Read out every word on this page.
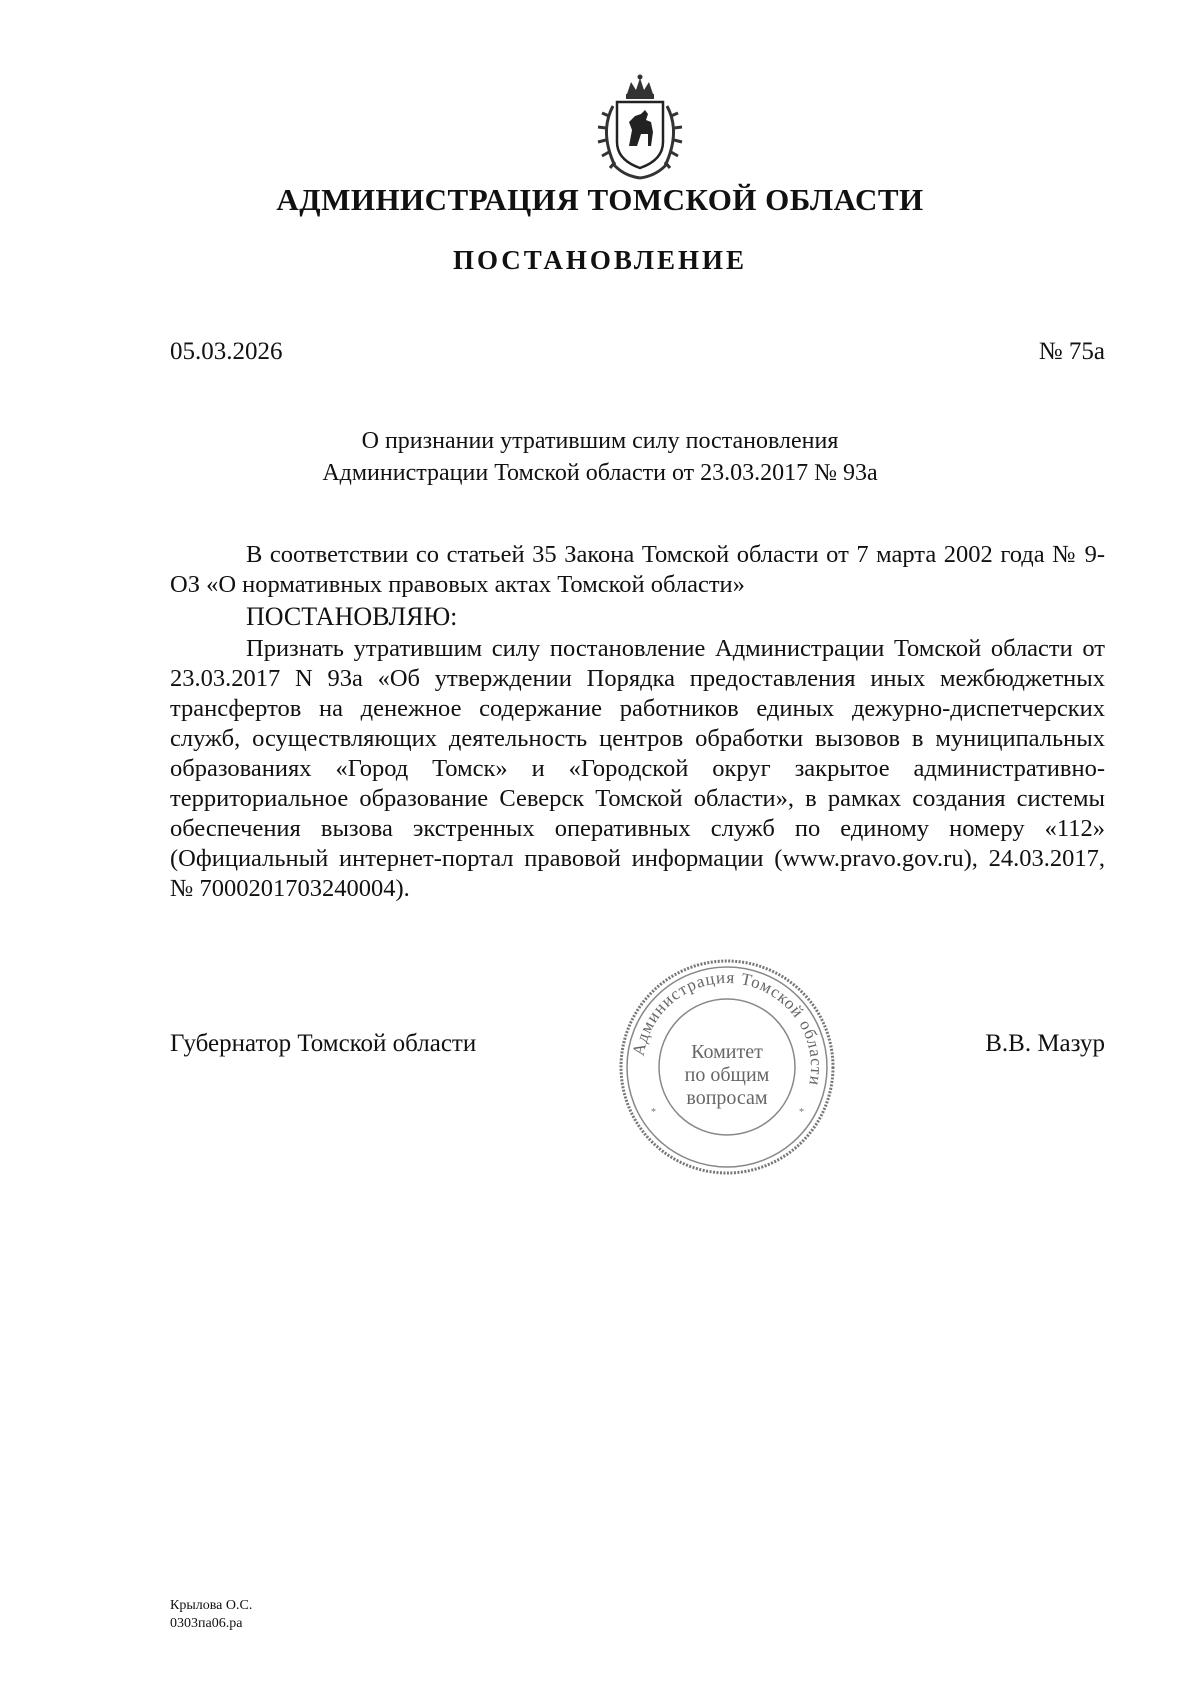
АДМИНИСТРАЦИЯ ТОМСКОЙ ОБЛАСТИ
ПОСТАНОВЛЕНИЕ
05.03.2026	№ 75а
О признании утратившим силу постановления
Администрации Томской области от 23.03.2017 № 93а

В соответствии со статьей 35 Закона Томской области от 7 марта 2002 года № 9-ОЗ «О нормативных правовых актах Томской области»

ПОСТАНОВЛЯЮ:

Признать утратившим силу постановление Администрации Томской области от 23.03.2017 N 93а «Об утверждении Порядка предоставления иных межбюджетных трансфертов на денежное содержание работников единых дежурно-диспетчерских служб, осуществляющих деятельность центров обработки вызовов в муниципальных образованиях «Город Томск» и «Городской округ закрытое административно-территориальное образование Северск Томской области», в рамках создания системы обеспечения вызова экстренных оперативных служб по единому номеру «112» (Официальный интернет-портал правовой информации (www.pravo.gov.ru), 24.03.2017, № 7000201703240004).

Губернатор Томской области	В.В. Мазур
Администрация Томской области
Комитет
по общим
вопросам
*	*
Крылова О.С.
0303па06.ра
